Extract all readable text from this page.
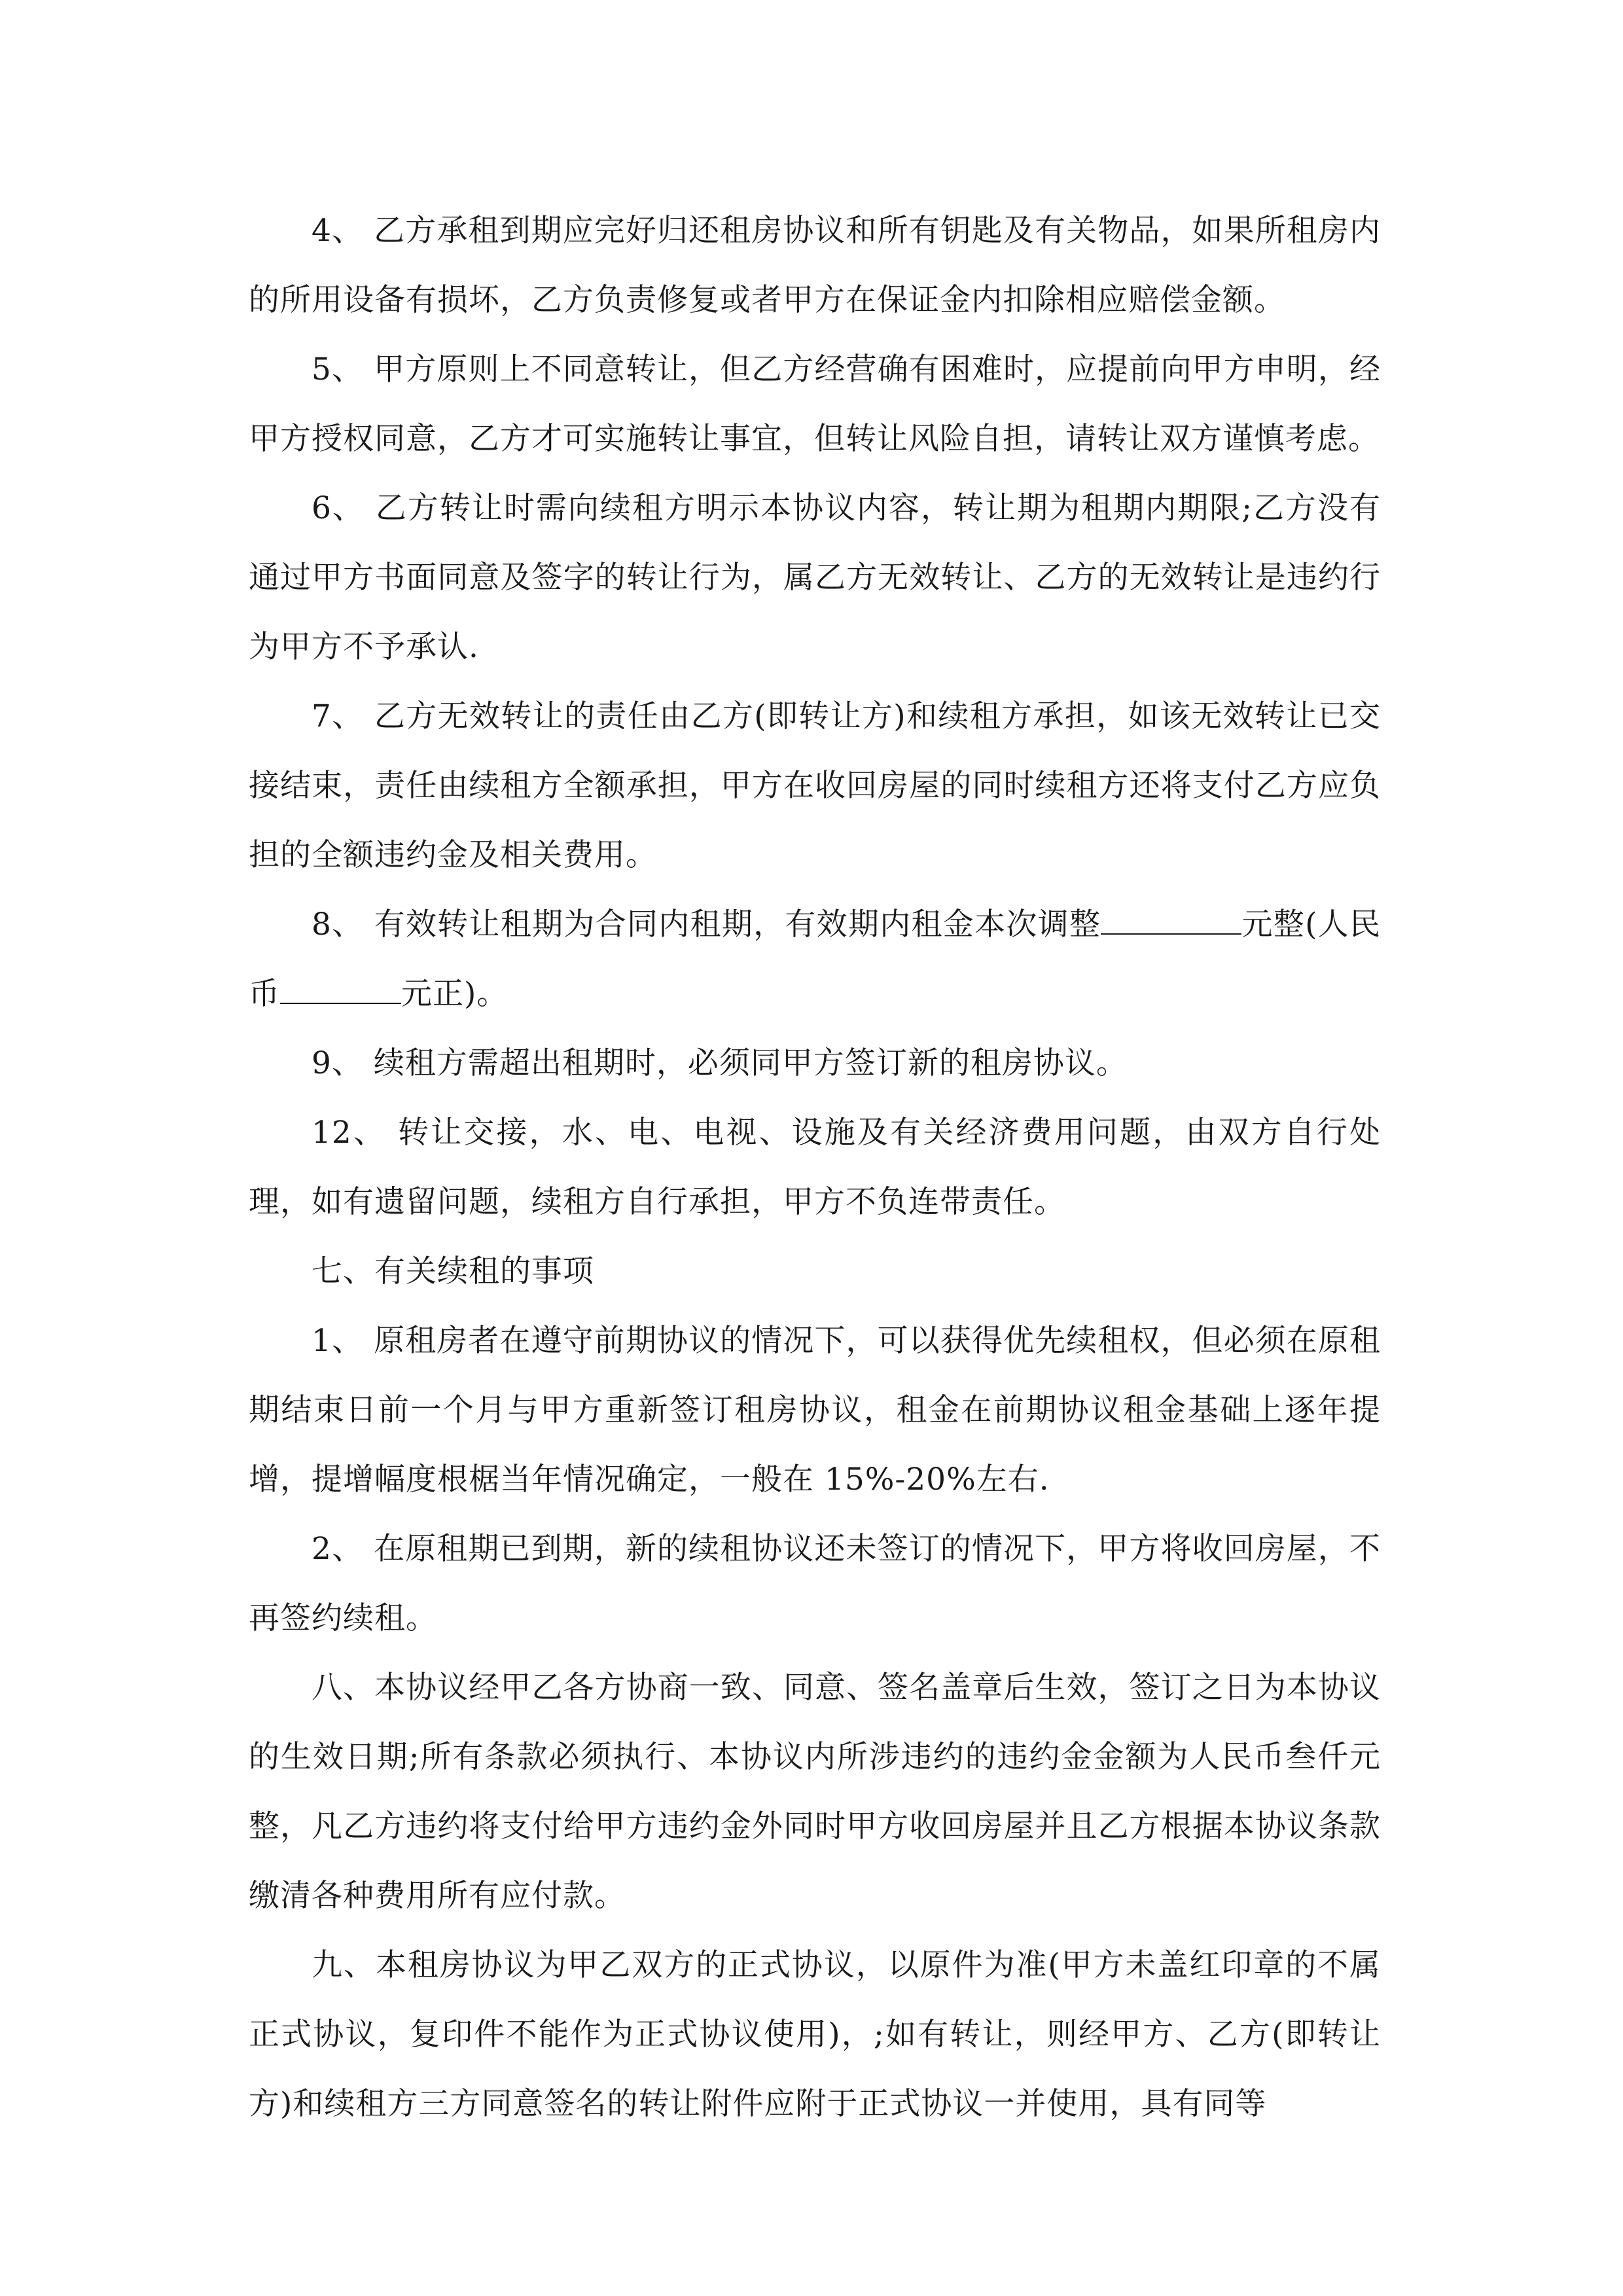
4、 乙方承租到期应完好归还租房协议和所有钥匙及有关物品，如果所租房内的所用设备有损坏，乙方负责修复或者甲方在保证金内扣除相应赔偿金额。

5、 甲方原则上不同意转让，但乙方经营确有困难时，应提前向甲方申明，经甲方授权同意，乙方才可实施转让事宜，但转让风险自担，请转让双方谨慎考虑。

6、 乙方转让时需向续租方明示本协议内容，转让期为租期内期限;乙方没有通过甲方书面同意及签字的转让行为，属乙方无效转让、乙方的无效转让是违约行为甲方不予承认.

7、 乙方无效转让的责任由乙方(即转让方)和续租方承担，如该无效转让已交接结束，责任由续租方全额承担，甲方在收回房屋的同时续租方还将支付乙方应负担的全额违约金及相关费用。

8、 有效转让租期为合同内租期，有效期内租金本次调整	元整(人民币	元正)。

9、 续租方需超出租期时，必须同甲方签订新的租房协议。

12、 转让交接，水、电、电视、设施及有关经济费用问题，由双方自行处理，如有遗留问题，续租方自行承担，甲方不负连带责任。

七、有关续租的事项

1、 原租房者在遵守前期协议的情况下，可以获得优先续租权，但必须在原租期结束日前一个月与甲方重新签订租房协议，租金在前期协议租金基础上逐年提增，提增幅度根椐当年情况确定，一般在 15%-20%左右.

2、 在原租期已到期，新的续租协议还未签订的情况下，甲方将收回房屋，不再签约续租。

八、本协议经甲乙各方协商一致、同意、签名盖章后生效，签订之日为本协议的生效日期;所有条款必须执行、本协议内所涉违约的违约金金额为人民币叁仟元整，凡乙方违约将支付给甲方违约金外同时甲方收回房屋并且乙方根据本协议条款缴清各种费用所有应付款。

九、本租房协议为甲乙双方的正式协议，以原件为准(甲方未盖红印章的不属正式协议，复印件不能作为正式协议使用)，;如有转让，则经甲方、乙方(即转让方)和续租方三方同意签名的转让附件应附于正式协议一并使用，具有同等
